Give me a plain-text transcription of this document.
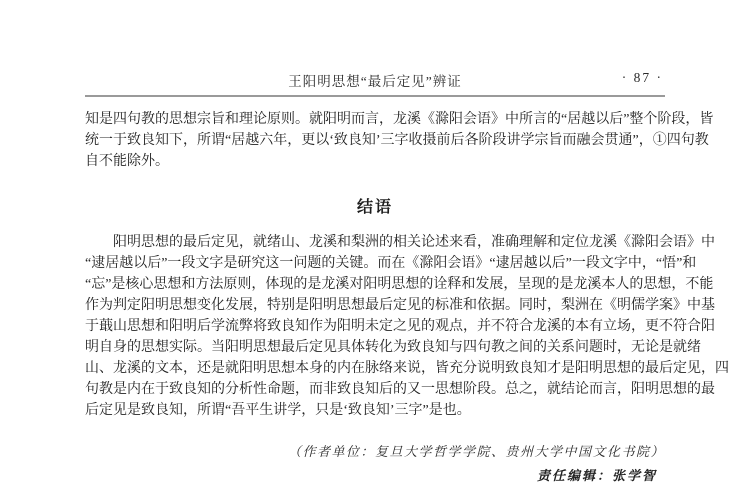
王阳明思想“最后定见”辨证	· 87 ·
知是四句教的思想宗旨和理论原则。就阳明而言，龙溪《滁阳会语》中所言的“居越以后”整个阶段，皆
统一于致良知下，所谓“居越六年，更以‘致良知’三字收摄前后各阶段讲学宗旨而融会贯通”，①四句教
自不能除外。
结语
阳明思想的最后定见，就绪山、龙溪和梨洲的相关论述来看，准确理解和定位龙溪《滁阳会语》中
“逮居越以后”一段文字是研究这一问题的关键。而在《滁阳会语》“逮居越以后”一段文字中，“悟”和
“忘”是核心思想和方法原则，体现的是龙溪对阳明思想的诠释和发展，呈现的是龙溪本人的思想，不能
作为判定阳明思想变化发展，特别是阳明思想最后定见的标准和依据。同时，梨洲在《明儒学案》中基
于蕺山思想和阳明后学流弊将致良知作为阳明未定之见的观点，并不符合龙溪的本有立场，更不符合阳
明自身的思想实际。当阳明思想最后定见具体转化为致良知与四句教之间的关系问题时，无论是就绪
山、龙溪的文本，还是就阳明思想本身的内在脉络来说，皆充分说明致良知才是阳明思想的最后定见，四
句教是内在于致良知的分析性命题，而非致良知后的又一思想阶段。总之，就结论而言，阳明思想的最
后定见是致良知，所谓“吾平生讲学，只是‘致良知’三字”是也。
（作者单位：复旦大学哲学学院、贵州大学中国文化书院）
责任编辑：张学智
